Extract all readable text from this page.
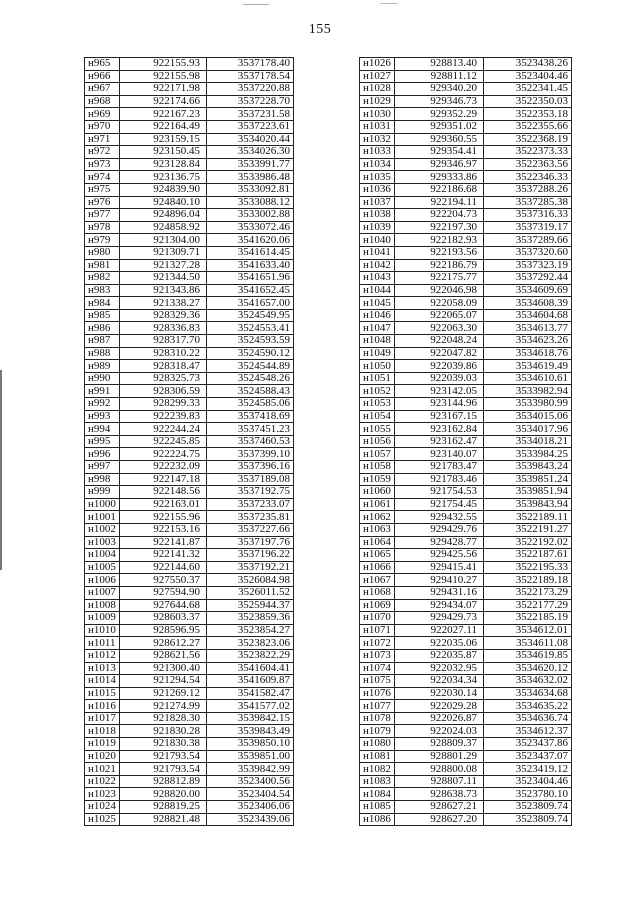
155
н965	922155.93	3537178.40
н966	922155.98	3537178.54
н967	922171.98	3537220.88
н968	922174.66	3537228.70
н969	922167.23	3537231.58
н970	922164.49	3537223.61
н971	923159.15	3534020.44
н972	923150.45	3534026.30
н973	923128.84	3533991.77
н974	923136.75	3533986.48
н975	924839.90	3533092.81
н976	924840.10	3533088.12
н977	924896.04	3533002.88
н978	924858.92	3533072.46
н979	921304.00	3541620.06
н980	921309.71	3541614.45
н981	921327.28	3541633.40
н982	921344.50	3541651.96
н983	921343.86	3541652.45
н984	921338.27	3541657.00
н985	928329.36	3524549.95
н986	928336.83	3524553.41
н987	928317.70	3524593.59
н988	928310.22	3524590.12
н989	928318.47	3524544.89
н990	928325.73	3524548.26
н991	928306.59	3524588.43
н992	928299.33	3524585.06
н993	922239.83	3537418.69
н994	922244.24	3537451.23
н995	922245.85	3537460.53
н996	922224.75	3537399.10
н997	922232.09	3537396.16
н998	922147.18	3537189.08
н999	922148.56	3537192.75
н1000	922163.01	3537233.07
н1001	922155.96	3537235.81
н1002	922153.16	3537227.66
н1003	922141.87	3537197.76
н1004	922141.32	3537196.22
н1005	922144.60	3537192.21
н1006	927550.37	3526084.98
н1007	927594.90	3526011.52
н1008	927644.68	3525944.37
н1009	928603.37	3523859.36
н1010	928596.95	3523854.27
н1011	928612.27	3523823.06
н1012	928621.56	3523822.29
н1013	921300.40	3541604.41
н1014	921294.54	3541609.87
н1015	921269.12	3541582.47
н1016	921274.99	3541577.02
н1017	921828.30	3539842.15
н1018	921830.28	3539843.49
н1019	921830.38	3539850.10
н1020	921793.54	3539851.00
н1021	921793.54	3539842.99
н1022	928812.89	3523400.56
н1023	928820.00	3523404.54
н1024	928819.25	3523406.06
н1025	928821.48	3523439.06
н1026	928813.40	3523438.26
н1027	928811.12	3523404.46
н1028	929340.20	3522341.45
н1029	929346.73	3522350.03
н1030	929352.29	3522353.18
н1031	929351.02	3522355.66
н1032	929360.55	3522368.19
н1033	929354.41	3522373.33
н1034	929346.97	3522363.56
н1035	929333.86	3522346.33
н1036	922186.68	3537288.26
н1037	922194.11	3537285.38
н1038	922204.73	3537316.33
н1039	922197.30	3537319.17
н1040	922182.93	3537289.66
н1041	922193.56	3537320.60
н1042	922186.79	3537323.19
н1043	922175.77	3537292.44
н1044	922046.98	3534609.69
н1045	922058.09	3534608.39
н1046	922065.07	3534604.68
н1047	922063.30	3534613.77
н1048	922048.24	3534623.26
н1049	922047.82	3534618.76
н1050	922039.86	3534619.49
н1051	922039.03	3534610.61
н1052	923142.05	3533982.94
н1053	923144.96	3533980.99
н1054	923167.15	3534015.06
н1055	923162.84	3534017.96
н1056	923162.47	3534018.21
н1057	923140.07	3533984.25
н1058	921783.47	3539843.24
н1059	921783.46	3539851.24
н1060	921754.53	3539851.94
н1061	921754.45	3539843.94
н1062	929432.55	3522189.11
н1063	929429.76	3522191.27
н1064	929428.77	3522192.02
н1065	929425.56	3522187.61
н1066	929415.41	3522195.33
н1067	929410.27	3522189.18
н1068	929431.16	3522173.29
н1069	929434.07	3522177.29
н1070	929429.73	3522185.19
н1071	922027.11	3534612.01
н1072	922035.06	3534611.08
н1073	922035.87	3534619.85
н1074	922032.95	3534620.12
н1075	922034.34	3534632.02
н1076	922030.14	3534634.68
н1077	922029.28	3534635.22
н1078	922026.87	3534636.74
н1079	922024.03	3534612.37
н1080	928809.37	3523437.86
н1081	928801.29	3523437.07
н1082	928800.08	3523419.12
н1083	928807.11	3523404.46
н1084	928638.73	3523780.10
н1085	928627.21	3523809.74
н1086	928627.20	3523809.74
